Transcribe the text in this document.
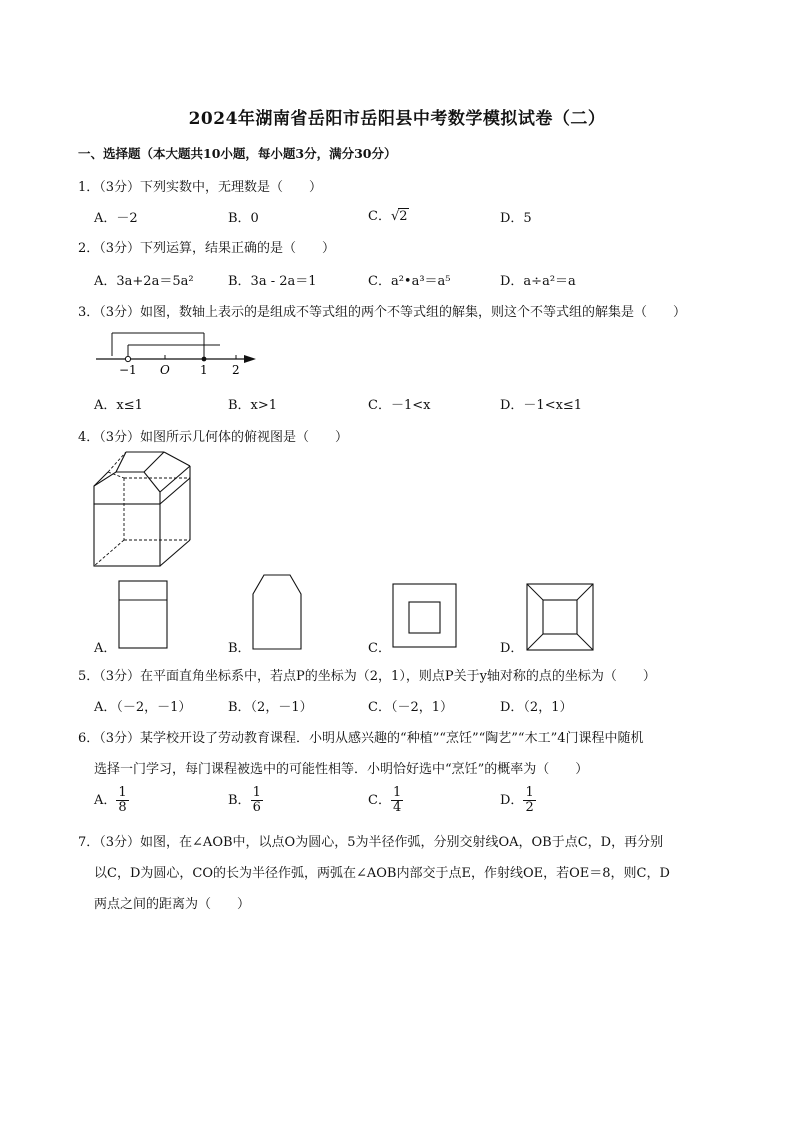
2024年湖南省岳阳市岳阳县中考数学模拟试卷（二）
一、选择题（本大题共10小题，每小题3分，满分30分）
1．（3分）下列实数中，无理数是（　　）
A．－2	B．0	C．√2	D．5
2．（3分）下列运算，结果正确的是（　　）
A．3a+2a＝5a²	B．3a - 2a＝1	C．a²•a³＝a⁵	D．a÷a²＝a
3．（3分）如图，数轴上表示的是组成不等式组的两个不等式组的解集，则这个不等式组的解集是（　　）
−1 O	1 2
A．x≤1	B．x>1	C．－1<x	D．－1<x≤1
4．（3分）如图所示几何体的俯视图是（　　）
A．	B．	C．	D．
5．（3分）在平面直角坐标系中，若点P的坐标为（2，1），则点P关于y轴对称的点的坐标为（　　）
A．（－2，－1）	B．（2，－1）	C．（－2，1）	D．（2，1）
6．（3分）某学校开设了劳动教育课程．小明从感兴趣的“种植”“烹饪”“陶艺”“木工”4门课程中随机
选择一门学习，每门课程被选中的可能性相等．小明恰好选中“烹饪”的概率为（　　）
A． $\frac{1}{8}$	B． $\frac{1}{6}$	C． $\frac{1}{4}$	D． $\frac{1}{2}$
7．（3分）如图，在∠AOB中，以点O为圆心，5为半径作弧，分别交射线OA，OB于点C，D，再分别
以C，D为圆心，CO的长为半径作弧，两弧在∠AOB内部交于点E，作射线OE，若OE＝8，则C，D
两点之间的距离为（　　）
